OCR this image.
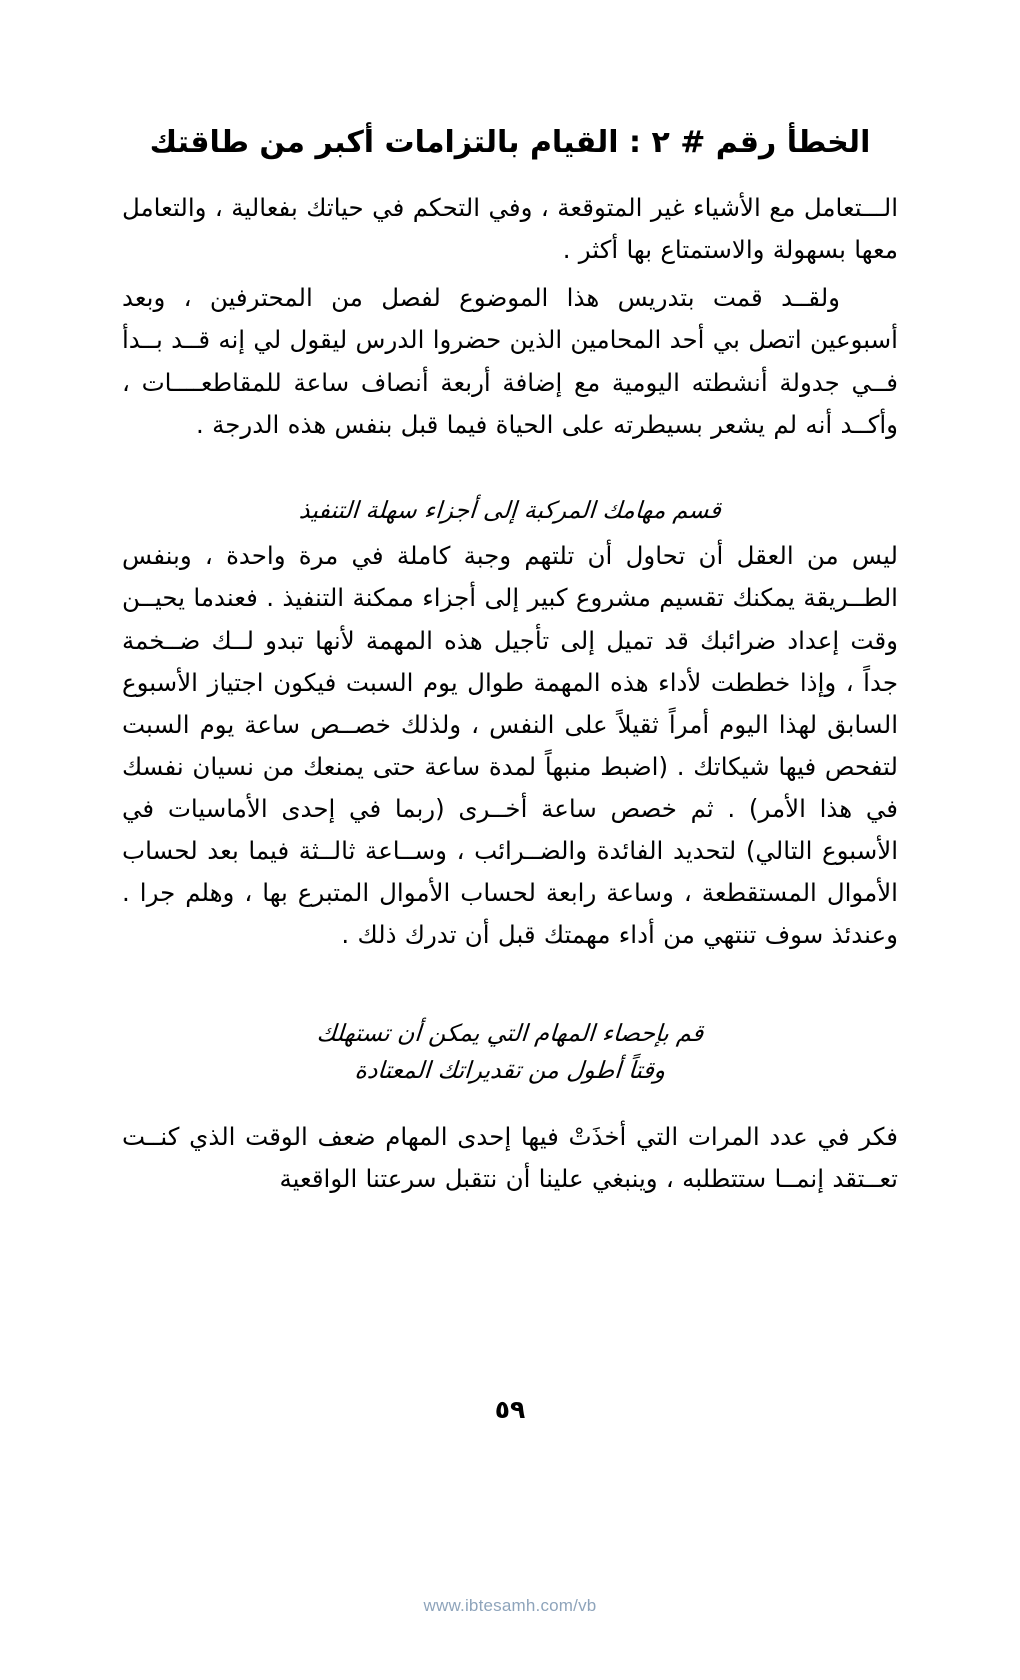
الخطأ رقم # ٢ : القيام بالتزامات أكبر من طاقتك

الـــتعامل مع الأشياء غير المتوقعة ، وفي التحكم في حياتك بفعالية ، والتعامل معها بسهولة والاستمتاع بها أكثر .

ولقــد قمت بتدريس هذا الموضوع لفصل من المحترفين ، وبعد أسبوعين اتصل بي أحد المحامين الذين حضروا الدرس ليقول لي إنه قــد بــدأ فــي جدولة أنشطته اليومية مع إضافة أربعة أنصاف ساعة للمقاطعــــات ، وأكــد أنه لم يشعر بسيطرته على الحياة فيما قبل بنفس هذه الدرجة .

قسم مهامك المركبة إلى أجزاء سهلة التنفيذ

ليس من العقل أن تحاول أن تلتهم وجبة كاملة في مرة واحدة ، وبنفس الطــريقة يمكنك تقسيم مشروع كبير إلى أجزاء ممكنة التنفيذ . فعندما يحيــن وقت إعداد ضرائبك قد تميل إلى تأجيل هذه المهمة لأنها تبدو لــك ضــخمة جداً ، وإذا خططت لأداء هذه المهمة طوال يوم السبت فيكون اجتياز الأسبوع السابق لهذا اليوم أمراً ثقيلاً على النفس ، ولذلك خصــص ساعة يوم السبت لتفحص فيها شيكاتك . (اضبط منبهاً لمدة ساعة حتى يمنعك من نسيان نفسك في هذا الأمر) . ثم خصص ساعة أخــرى (ربما في إحدى الأماسيات في الأسبوع التالي) لتحديد الفائدة والضــرائب ، وســاعة ثالــثة فيما بعد لحساب الأموال المستقطعة ، وساعة رابعة لحساب الأموال المتبرع بها ، وهلم جرا . وعندئذ سوف تنتهي من أداء مهمتك قبل أن تدرك ذلك .

قم بإحصاء المهام التي يمكن أن تستهلك

وقتاً أطول من تقديراتك المعتادة

فكر في عدد المرات التي أخذَتْ فيها إحدى المهام ضعف الوقت الذي كنــت تعــتقد إنمــا ستتطلبه ، وينبغي علينا أن نتقبل سرعتنا الواقعية

٥٩
www.ibtesamh.com/vb
